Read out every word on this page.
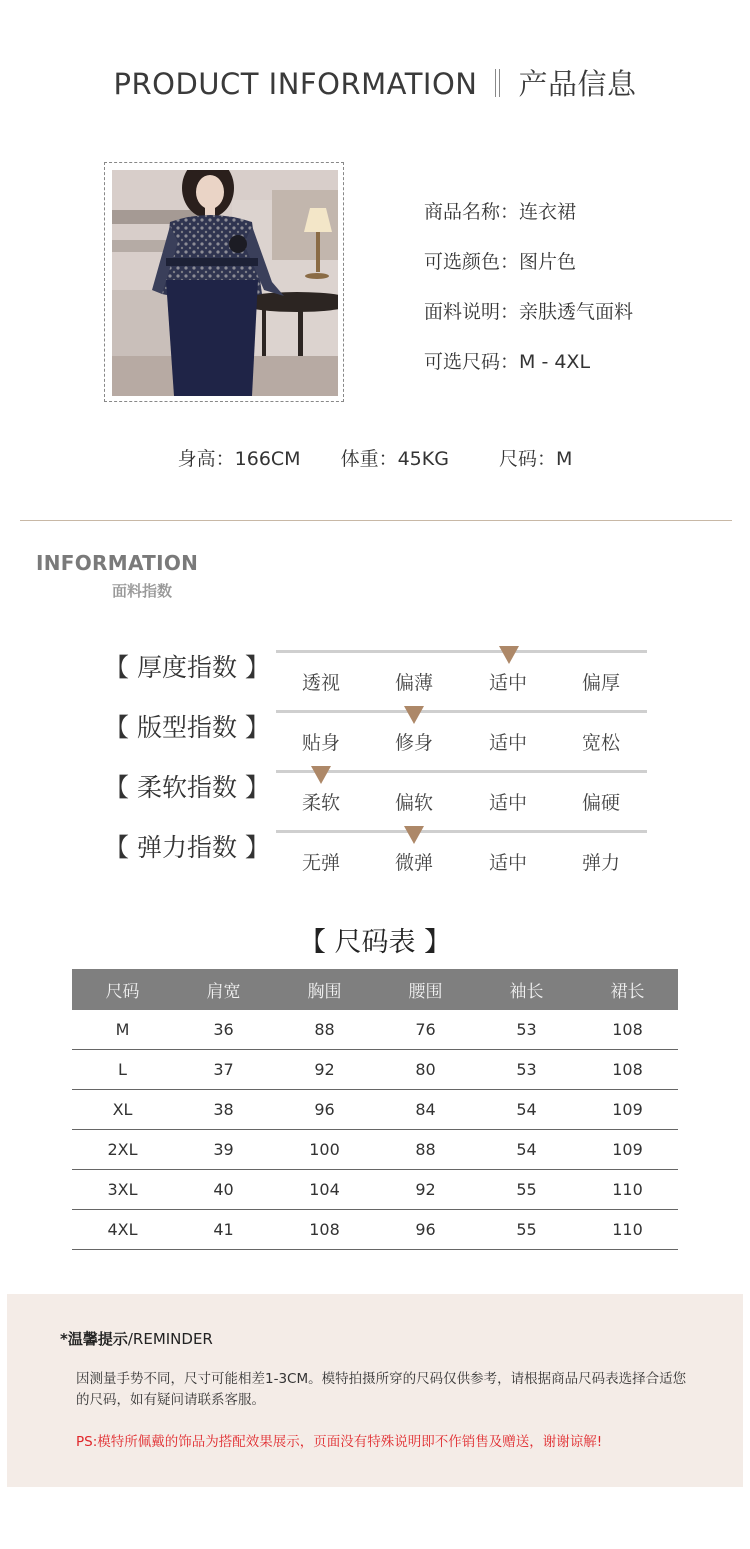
PRODUCT INFORMATION 产品信息
商品名称：连衣裙
可选颜色：图片色
面料说明：亲肤透气面料
可选尺码：M - 4XL
身高：166CM 体重：45KG	尺码：M
INFORMATION
面料指数
【 厚度指数 】
透视	偏薄	适中	偏厚
【 版型指数 】
贴身	修身	适中	宽松
【 柔软指数 】
柔软	偏软	适中	偏硬
【 弹力指数 】
无弹	微弹	适中	弹力
【 尺码表 】
尺码	肩宽	胸围	腰围	袖长	裙长
M	36	88	76	53	108
L	37	92	80	53	108
XL	38	96	84	54	109
2XL	39	100	88	54	109
3XL	40	104	92	55	110
4XL	41	108	96	55	110
*温馨提示/REMINDER
因测量手势不同，尺寸可能相差1-3CM。模特拍摄所穿的尺码仅供参考，请根据商品尺码表选择合适您的尺码，如有疑问请联系客服。
PS:模特所佩戴的饰品为搭配效果展示，页面没有特殊说明即不作销售及赠送，谢谢谅解!
